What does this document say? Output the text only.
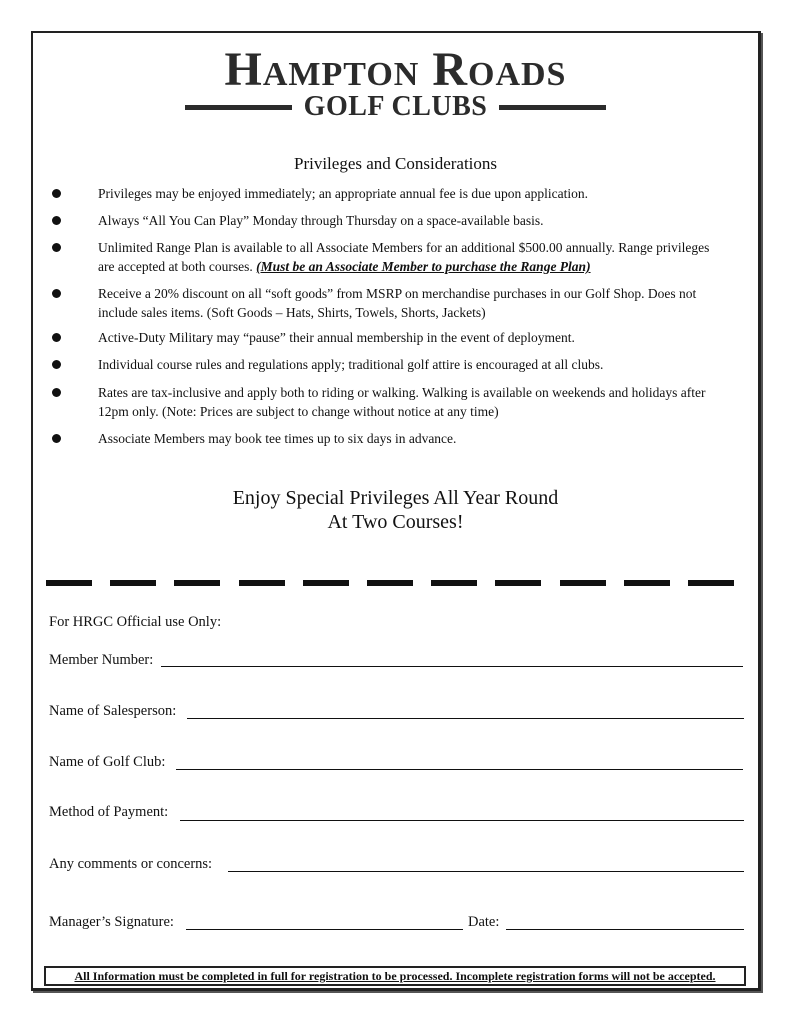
Hampton Roads
GOLF CLUBS
Privileges and Considerations
Privileges may be enjoyed immediately; an appropriate annual fee is due upon application.
Always “All You Can Play” Monday through Thursday on a space-available basis.
Unlimited Range Plan is available to all Associate Members for an additional $500.00 annually. Range privileges are accepted at both courses. (Must be an Associate Member to purchase the Range Plan)
Receive a 20% discount on all “soft goods” from MSRP on merchandise purchases in our Golf Shop. Does not include sales items. (Soft Goods – Hats, Shirts, Towels, Shorts, Jackets)
Active-Duty Military may “pause” their annual membership in the event of deployment.
Individual course rules and regulations apply; traditional golf attire is encouraged at all clubs.
Rates are tax-inclusive and apply both to riding or walking. Walking is available on weekends and holidays after 12pm only. (Note: Prices are subject to change without notice at any time)
Associate Members may book tee times up to six days in advance.
Enjoy Special Privileges All Year Round
At Two Courses!
For HRGC Official use Only:
Member Number:
Name of Salesperson:
Name of Golf Club:
Method of Payment:
Any comments or concerns:
Manager’s Signature:	Date:
All Information must be completed in full for registration to be processed. Incomplete registration forms will not be accepted.
